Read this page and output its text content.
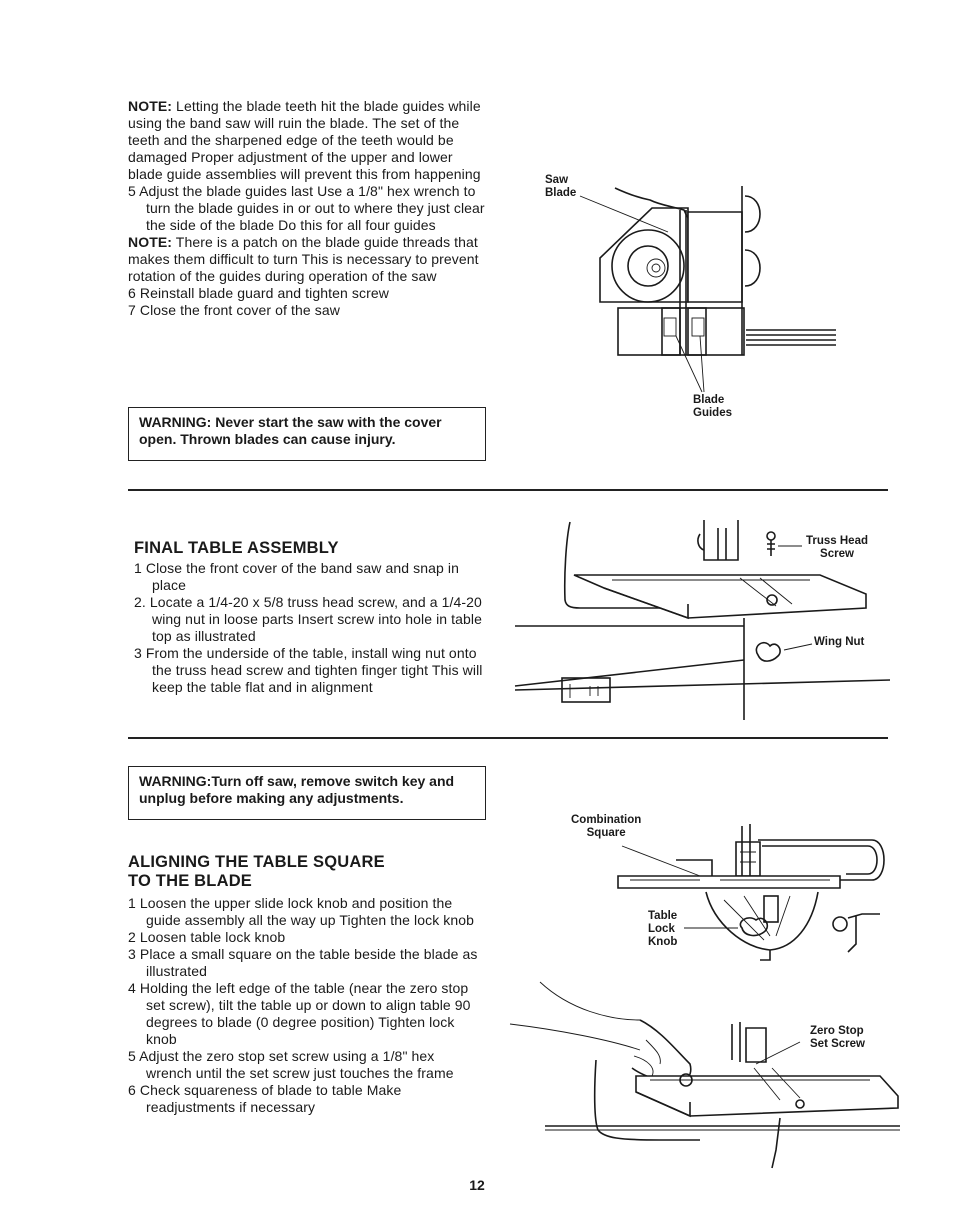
NOTE: Letting the blade teeth hit the blade guides while using the band saw will ruin the blade. The set of the teeth and the sharpened edge of the teeth would be damaged Proper adjustment of the upper and lower blade guide assemblies will prevent this from happening

5 Adjust the blade guides last Use a 1/8" hex wrench to turn the blade guides in or out to where they just clear the side of the blade Do this for all four guides

NOTE: There is a patch on the blade guide threads that makes them difficult to turn This is necessary to prevent rotation of the guides during operation of the saw

6 Reinstall blade guard and tighten screw

7 Close the front cover of the saw

WARNING: Never start the saw with the cover open. Thrown blades can cause injury.
Saw
Blade
Blade
Guides
FINAL TABLE ASSEMBLY

1 Close the front cover of the band saw and snap in place

2. Locate a 1/4-20 x 5/8 truss head screw, and a 1/4-20 wing nut in loose parts Insert screw into hole in table top as illustrated

3 From the underside of the table, install wing nut onto the truss head screw and tighten finger tight This will keep the table flat and in alignment

Truss Head
Screw
Wing Nut
WARNING:Turn off saw, remove switch key and unplug before making any adjustments.
ALIGNING THE TABLE SQUARE
TO THE BLADE

1 Loosen the upper slide lock knob and position the guide assembly all the way up Tighten the lock knob

2 Loosen table lock knob

3 Place a small square on the table beside the blade as illustrated

4 Holding the left edge of the table (near the zero stop set screw), tilt the table up or down to align table 90 degrees to blade (0 degree position) Tighten lock knob

5 Adjust the zero stop set screw using a 1/8" hex wrench until the set screw just touches the frame

6 Check squareness of blade to table Make readjustments if necessary

Combination
Square
Table
Lock
Knob
Zero Stop
Set Screw
12
